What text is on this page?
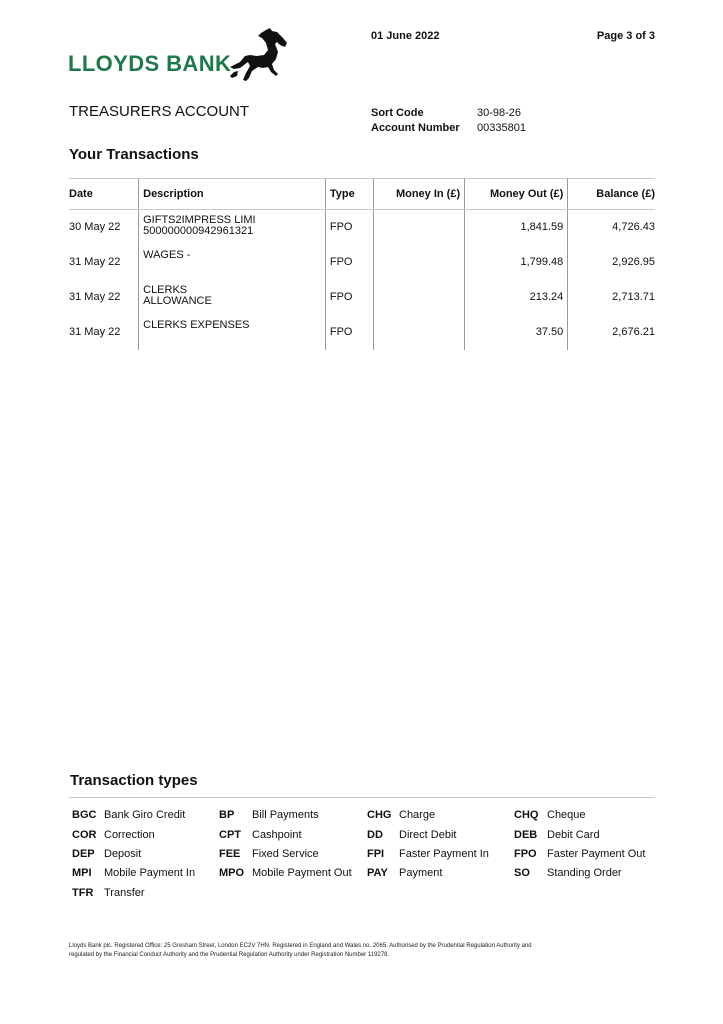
LLOYDS BANK
01 June 2022	Page 3 of 3
TREASURERS ACCOUNT	Sort Code	30-98-26
Account Number 00335801
Your Transactions
Date	Description	Type	Money In (£)	Money Out (£)	Balance (£)
30 May 22	GIFTS2IMPRESS LIMI
500000000942961321	FPO		1,841.59	4,726.43
31 May 22	WAGES -	FPO		1,799.48	2,926.95
31 May 22	CLERKS
ALLOWANCE	FPO		213.24	2,713.71
31 May 22	CLERKS EXPENSES	FPO		37.50	2,676.21
Transaction types
BGC Bank Giro Credit	BP Bill Payments	CHG Charge	CHQ Cheque
COR Correction	CPT Cashpoint	DD Direct Debit	DEB Debit Card
DEP Deposit	FEE Fixed Service	FPI Faster Payment In FPO Faster Payment Out
MPI Mobile Payment In MPO Mobile Payment Out PAY Payment	SO Standing Order
TFR Transfer
Lloyds Bank plc. Registered Office: 25 Gresham Street, London EC2V 7HN. Registered in England and Wales no. 2065. Authorised by the Prudential Regulation Authority and regulated by the Financial Conduct Authority and the Prudential Regulation Authority under Registration Number 119278.
